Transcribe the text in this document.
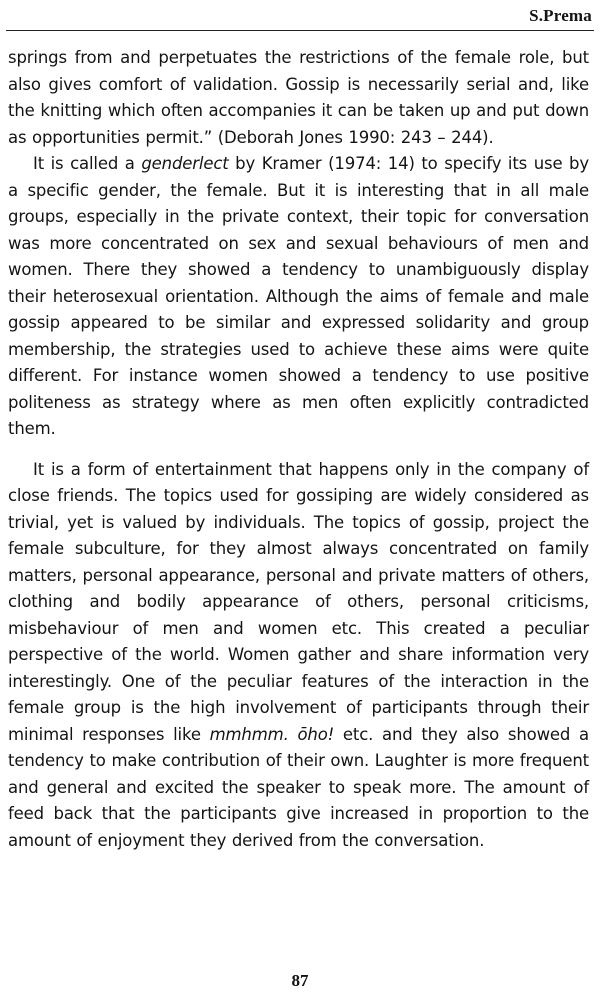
S.Prema

springs from and perpetuates the restrictions of the female role, but also gives comfort of validation. Gossip is necessarily serial and, like the knitting which often accompanies it can be taken up and put down as opportunities permit.” (Deborah Jones 1990: 243 – 244).

It is called a genderlect by Kramer (1974: 14) to specify its use by a specific gender, the female. But it is interesting that in all male groups, especially in the private context, their topic for conversation was more concentrated on sex and sexual behaviours of men and women. There they showed a tendency to unambiguously display their heterosexual orientation. Although the aims of female and male gossip appeared to be similar and expressed solidarity and group membership, the strategies used to achieve these aims were quite different. For instance women showed a tendency to use positive politeness as strategy where as men often explicitly contradicted them.

It is a form of entertainment that happens only in the company of close friends. The topics used for gossiping are widely considered as trivial, yet is valued by individuals. The topics of gossip, project the female subculture, for they almost always concentrated on family matters, personal appearance, personal and private matters of others, clothing and bodily appearance of others, personal criticisms, misbehaviour of men and women etc. This created a peculiar perspective of the world. Women gather and share information very interestingly. One of the peculiar features of the interaction in the female group is the high involvement of participants through their minimal responses like mmhmm. ōho! etc. and they also showed a tendency to make contribution of their own. Laughter is more frequent and general and excited the speaker to speak more. The amount of feed back that the participants give increased in proportion to the amount of enjoyment they derived from the conversation.

87
